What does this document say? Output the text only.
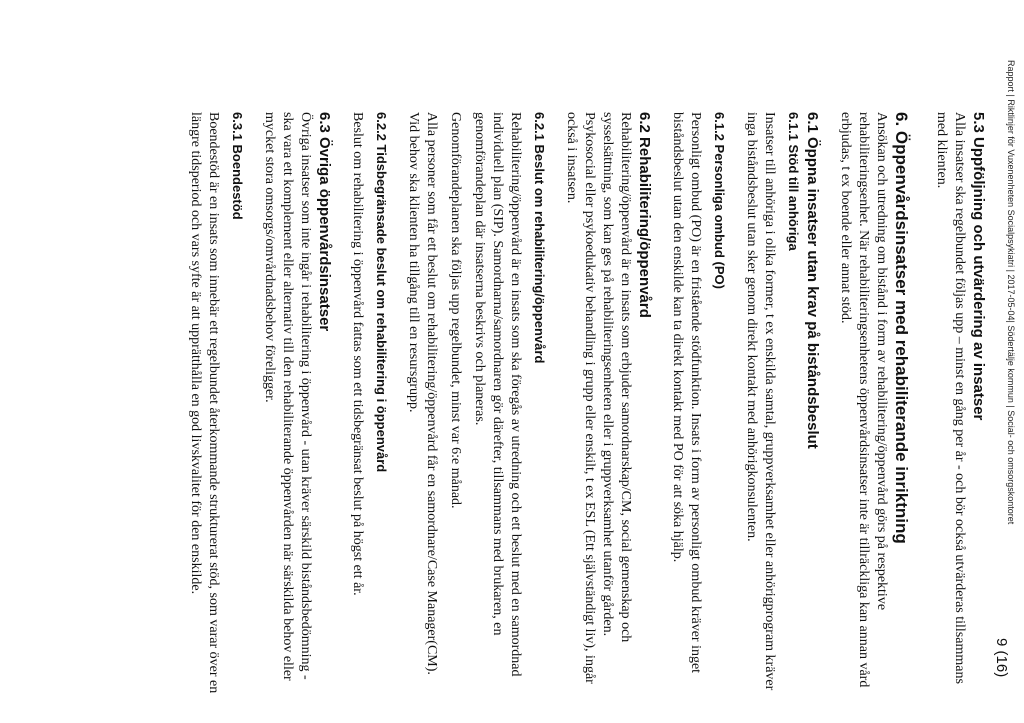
Rapport | Riktlinjer för Vuxenenheten Socialpsykiatri | 2017-05-04| Södertälje kommun | Social- och omsorgskontoret
9 (16)
5.3 Uppföljning och utvärdering av insatser

Alla insatser ska regelbundet följas upp – minst en gång per år - och bör också utvärderas tillsammans med klienten.

6. Öppenvårdsinsatser med rehabiliterande inriktning

Ansökan och utredning om bistånd i form av rehabilitering/öppenvård görs på respektive rehabiliteringsenhet. När rehabiliteringsenhetens öppenvårdsinsatser inte är tillräckliga kan annan vård erbjudas, t ex boende eller annat stöd.

6.1 Öppna insatser utan krav på biståndsbeslut
6.1.1 Stöd till anhöriga

Insatser till anhöriga i olika former, t ex enskilda samtal, gruppverksamhet eller anhörigprogram kräver inga biståndsbeslut utan sker genom direkt kontakt med anhörigkonsulenten.

6.1.2 Personliga ombud (PO)

Personligt ombud (PO) är en fristående stödfunktion. Insats i form av personligt ombud kräver inget biståndsbeslut utan den enskilde kan ta direkt kontakt med PO för att söka hjälp.

6.2 Rehabilitering/öppenvård

Rehabilitering/öppenvård är en insats som erbjuder samordnarskap/CM, social gemenskap och sysselsättning, som kan ges på rehabiliteringsenheten eller i gruppverksamhet utanför gården. Psykosocial eller psykoedukativ behandling i grupp eller enskilt, t ex ESL (Ett självständigt liv), ingår också i insatsen.

6.2.1 Beslut om rehabilitering/öppenvård

Rehabilitering/öppenvård är en insats som ska föregås av utredning och ett beslut med en samordnad individuell plan (SIP). Samordnarna/samordnaren gör därefter, tillsammans med brukaren, en genomförandeplan där insatserna beskrivs och planeras.

Genomförandeplanen ska följas upp regelbundet, minst var 6:e månad.

Alla personer som får ett beslut om rehabilitering/öppenvård får en samordnare/Case Manager(CM). Vid behov ska klienten ha tillgång till en resursgrupp.

6.2.2 Tidsbegränsade beslut om rehabilitering i öppenvård

Beslut om rehabilitering i öppenvård fattas som ett tidsbegränsat beslut på högst ett år.

6.3 Övriga öppenvårdsinsatser

Övriga insatser som inte ingår i rehabilitering i öppenvård - utan kräver särskild biståndsbedömning - ska vara ett komplement eller alternativ till den rehabiliterande öppenvården när särskilda behov eller mycket stora omsorgs/omvårdnadsbehov föreligger.

6.3.1 Boendestöd

Boendestöd är en insats som innebär ett regelbundet återkommande strukturerat stöd, som varar över en längre tidsperiod och vars syfte är att upprätthålla en god livskvalitet för den enskilde.
